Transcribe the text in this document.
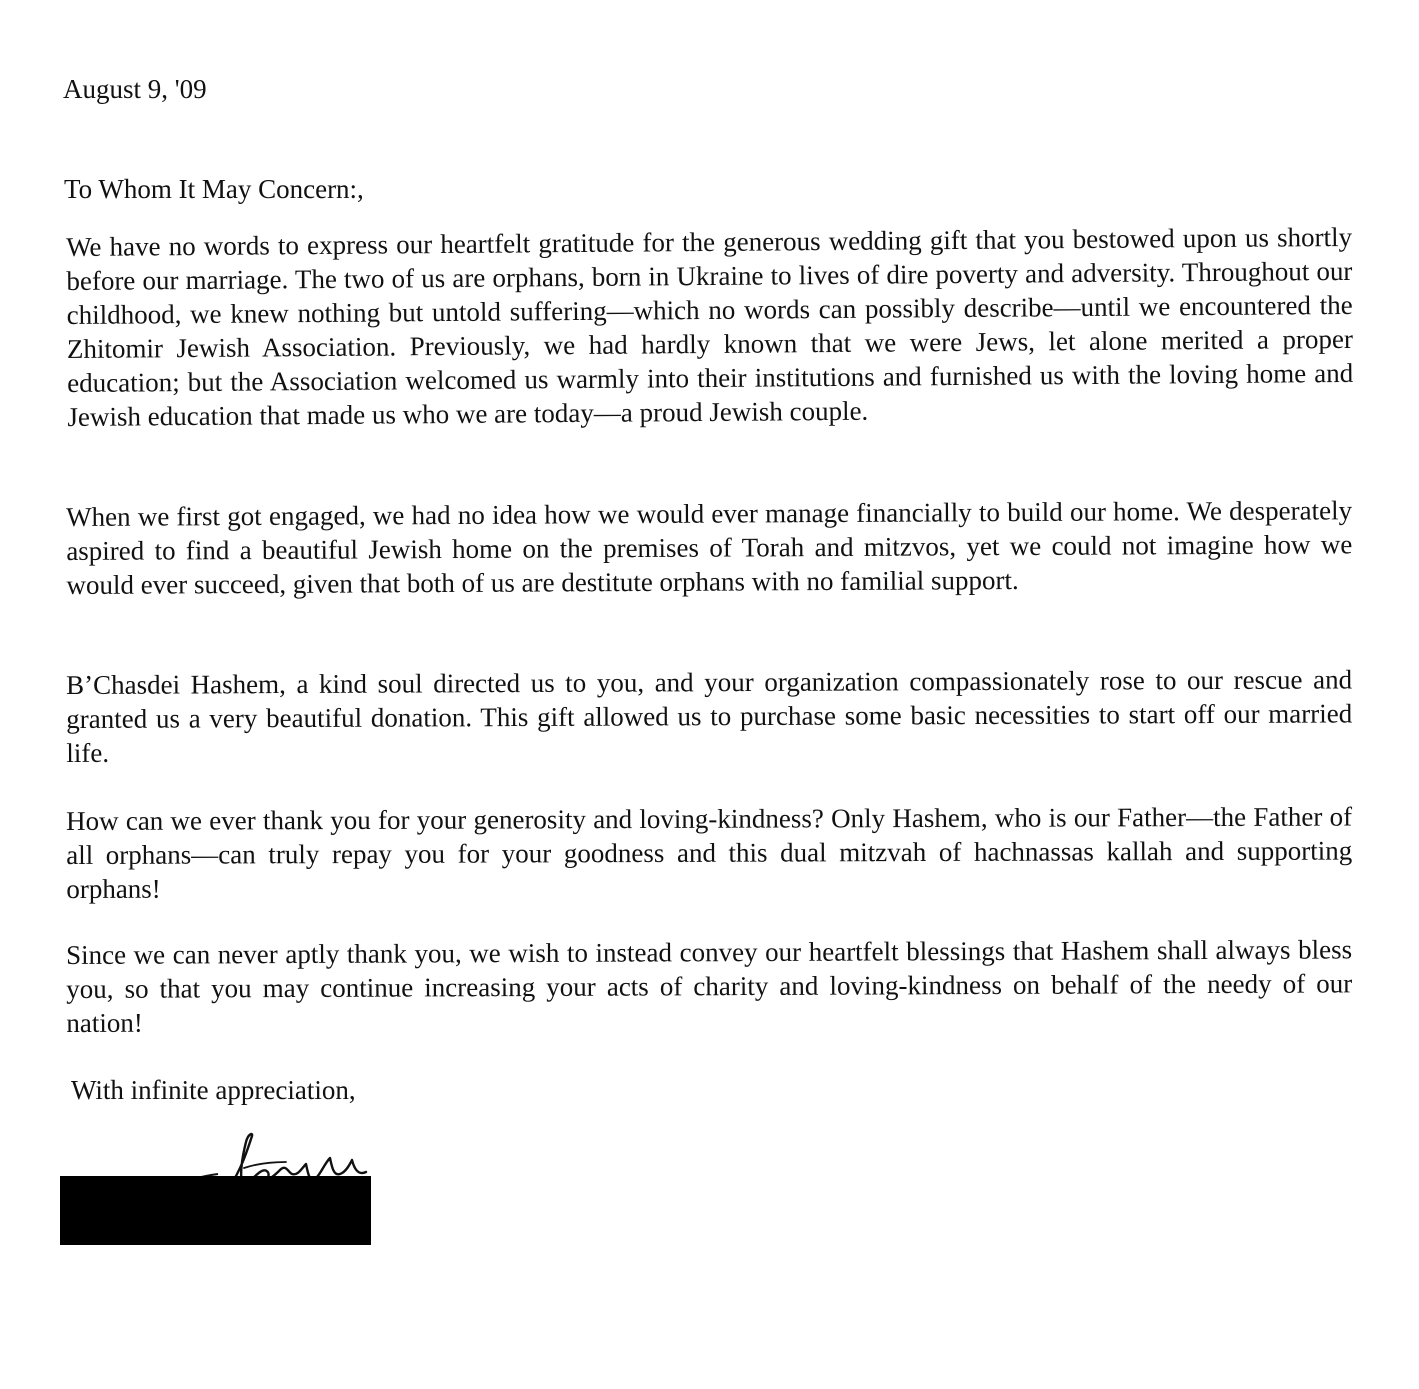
August 9, '09
To Whom It May Concern:,

We have no words to express our heartfelt gratitude for the generous wedding gift that you bestowed upon us shortly before our marriage. The two of us are orphans, born in Ukraine to lives of dire poverty and adversity. Throughout our childhood, we knew nothing but untold suffering—which no words can possibly describe—until we encountered the Zhitomir Jewish Association. Previously, we had hardly known that we were Jews, let alone merited a proper education; but the Association welcomed us warmly into their institutions and furnished us with the loving home and Jewish education that made us who we are today—a proud Jewish couple.

When we first got engaged, we had no idea how we would ever manage financially to build our home. We desperately aspired to find a beautiful Jewish home on the premises of Torah and mitzvos, yet we could not imagine how we would ever succeed, given that both of us are destitute orphans with no familial support.

B’Chasdei Hashem, a kind soul directed us to you, and your organization compassionately rose to our rescue and granted us a very beautiful donation. This gift allowed us to purchase some basic necessities to start off our married life.

How can we ever thank you for your generosity and loving-kindness? Only Hashem, who is our Father—the Father of all orphans—can truly repay you for your goodness and this dual mitzvah of hachnassas kallah and supporting orphans!

Since we can never aptly thank you, we wish to instead convey our heartfelt blessings that Hashem shall always bless you, so that you may continue increasing your acts of charity and loving-kindness on behalf of the needy of our nation!

With infinite appreciation,
